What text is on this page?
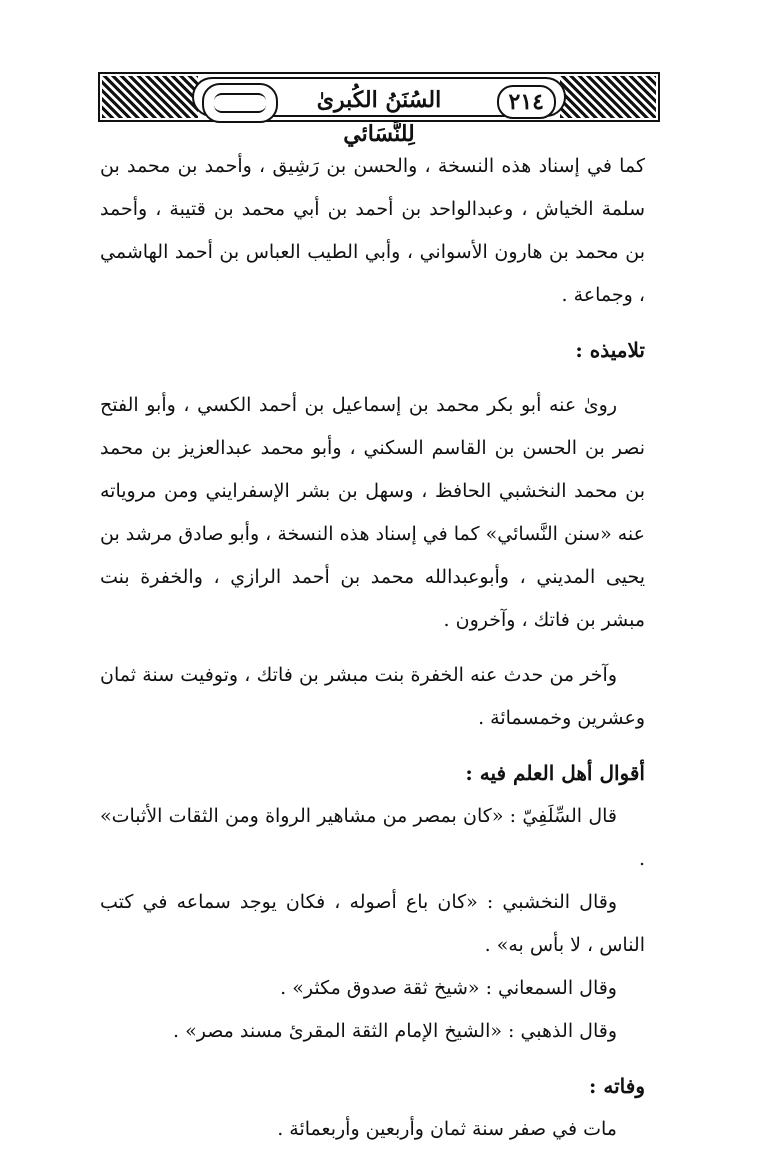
السُنَنُ الكُبرىٰ لِلنَّسَائي
٢١٤

كما في إسناد هذه النسخة ، والحسن بن رَشِيق ، وأحمد بن محمد بن سلمة الخياش ، وعبدالواحد بن أحمد بن أبي محمد بن قتيبة ، وأحمد بن محمد بن هارون الأسواني ، وأبي الطيب العباس بن أحمد الهاشمي ، وجماعة .

تلاميذه :

روىٰ عنه أبو بكر محمد بن إسماعيل بن أحمد الكسي ، وأبو الفتح نصر بن الحسن بن القاسم السكني ، وأبو محمد عبدالعزيز بن محمد بن محمد النخشبي الحافظ ، وسهل بن بشر الإسفرايني ومن مروياته عنه «سنن النَّسائي» كما في إسناد هذه النسخة ، وأبو صادق مرشد بن يحيى المديني ، وأبوعبدالله محمد بن أحمد الرازي ، والخفرة بنت مبشر بن فاتك ، وآخرون .

وآخر من حدث عنه الخفرة بنت مبشر بن فاتك ، وتوفيت سنة ثمان وعشرين وخمسمائة .

أقوال أهل العلم فيه :

قال السِّلَفِيّ : «كان بمصر من مشاهير الرواة ومن الثقات الأثبات» .

وقال النخشبي : «كان باع أصوله ، فكان يوجد سماعه في كتب الناس ، لا بأس به» .

وقال السمعاني : «شيخ ثقة صدوق مكثر» .

وقال الذهبي : «الشيخ الإمام الثقة المقرئ مسند مصر» .

وفاته :

مات في صفر سنة ثمان وأربعين وأربعمائة .
